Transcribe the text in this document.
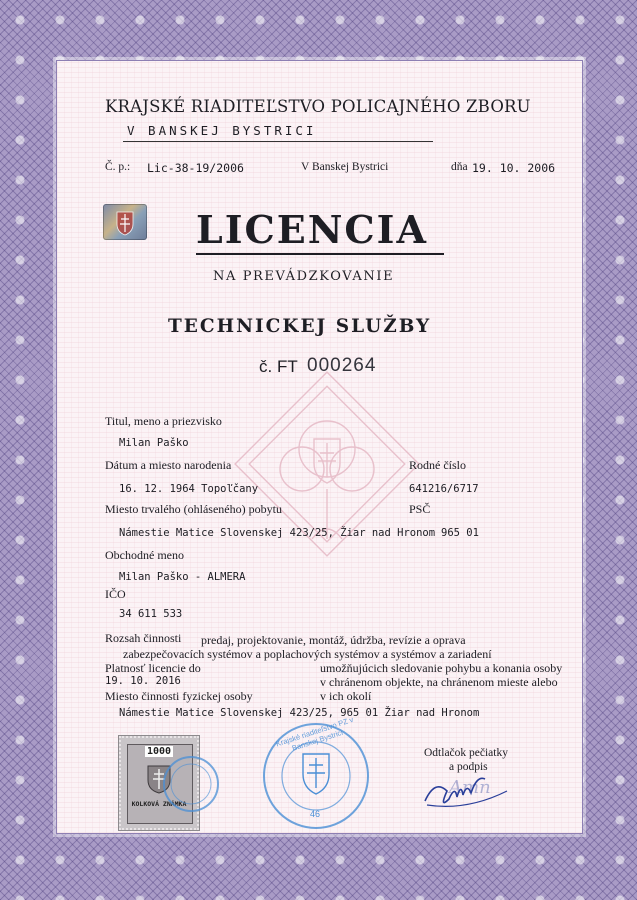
KRAJSKÉ RIADITEĽSTVO POLICAJNÉHO ZBORU
V BANSKEJ BYSTRICI
Č. p.: Lic-38-19/2006	V Banskej Bystrici	dňa 19. 10. 2006
LICENCIA
NA PREVÁDZKOVANIE
TECHNICKEJ SLUŽBY
č. FT 000264
Titul, meno a priezvisko
Milan Paško
Dátum a miesto narodenia	Rodné číslo
16. 12. 1964 Topoľčany	641216/6717
Miesto trvalého (ohláseného) pobytu	PSČ
Námestie Matice Slovenskej 423/25, Žiar nad Hronom 965 01
Obchodné meno
Milan Paško - ALMERA
IČO
34 611 533
Rozsah činnosti predaj, projektovanie, montáž, údržba, revízie a oprava
zabezpečovacích systémov a poplachových systémov a systémov a zariadení
Platnosť licencie do	umožňujúcich sledovanie pohybu a konania osoby
19. 10. 2016	v chránenom objekte, na chránenom mieste alebo
Miesto činnosti fyzickej osoby	v ich okolí
Námestie Matice Slovenskej 423/25, 965 01 Žiar nad Hronom
1000
KOLKOVÁ ZNÁMKA
Krajské riaditeľstvo PZ v Banskej Bystrici
46
Odtlačok pečiatky
a podpis
Amn
